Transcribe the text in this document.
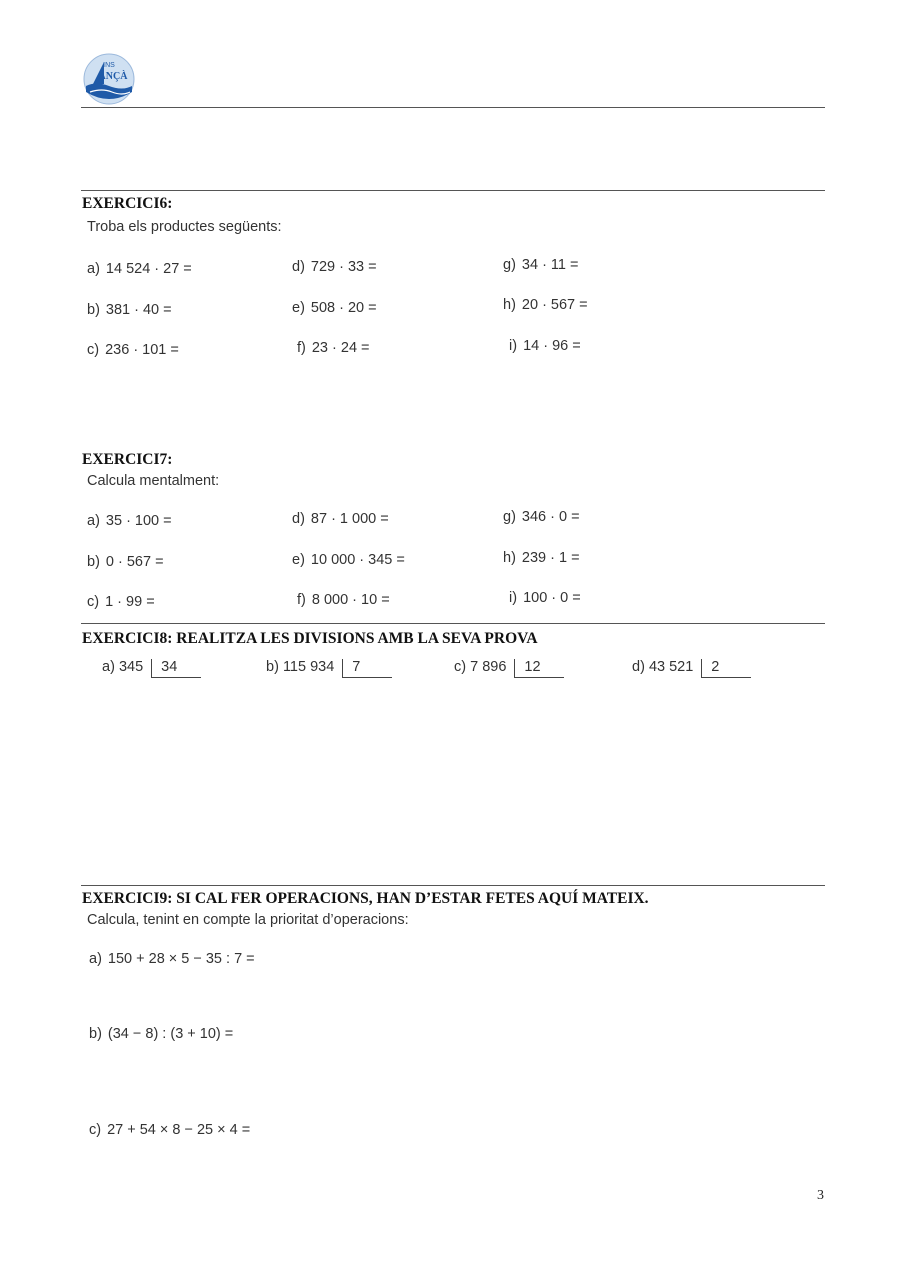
INS
ANÇÀ
EXERCICI6:
Troba els productes següents:
a) 14 524 · 27 =
b) 381 · 40 =
c) 236 · 101 =
d) 729 · 33 =
e) 508 · 20 =
f) 23 · 24 =
g) 34 · 11 =
h) 20 · 567 =
i) 14 · 96 =
EXERCICI7:
Calcula mentalment:
a) 35 · 100 =
b) 0 · 567 =
c) 1 · 99 =
d) 87 · 1 000 =
e) 10 000 · 345 =
f) 8 000 · 10 =
g) 346 · 0 =
h) 239 · 1 =
i) 100 · 0 =
EXERCICI8: REALITZA LES DIVISIONS AMB LA SEVA PROVA
a) 345 34	b) 115 934 7	c) 7 896 12	d) 43 521 2
EXERCICI9: SI CAL FER OPERACIONS, HAN D’ESTAR FETES AQUÍ MATEIX.
Calcula, tenint en compte la prioritat d’operacions:
a) 150 + 28 × 5 − 35 : 7 =
b) (34 − 8) : (3 + 10) =
c) 27 + 54 × 8 − 25 × 4 =
3
